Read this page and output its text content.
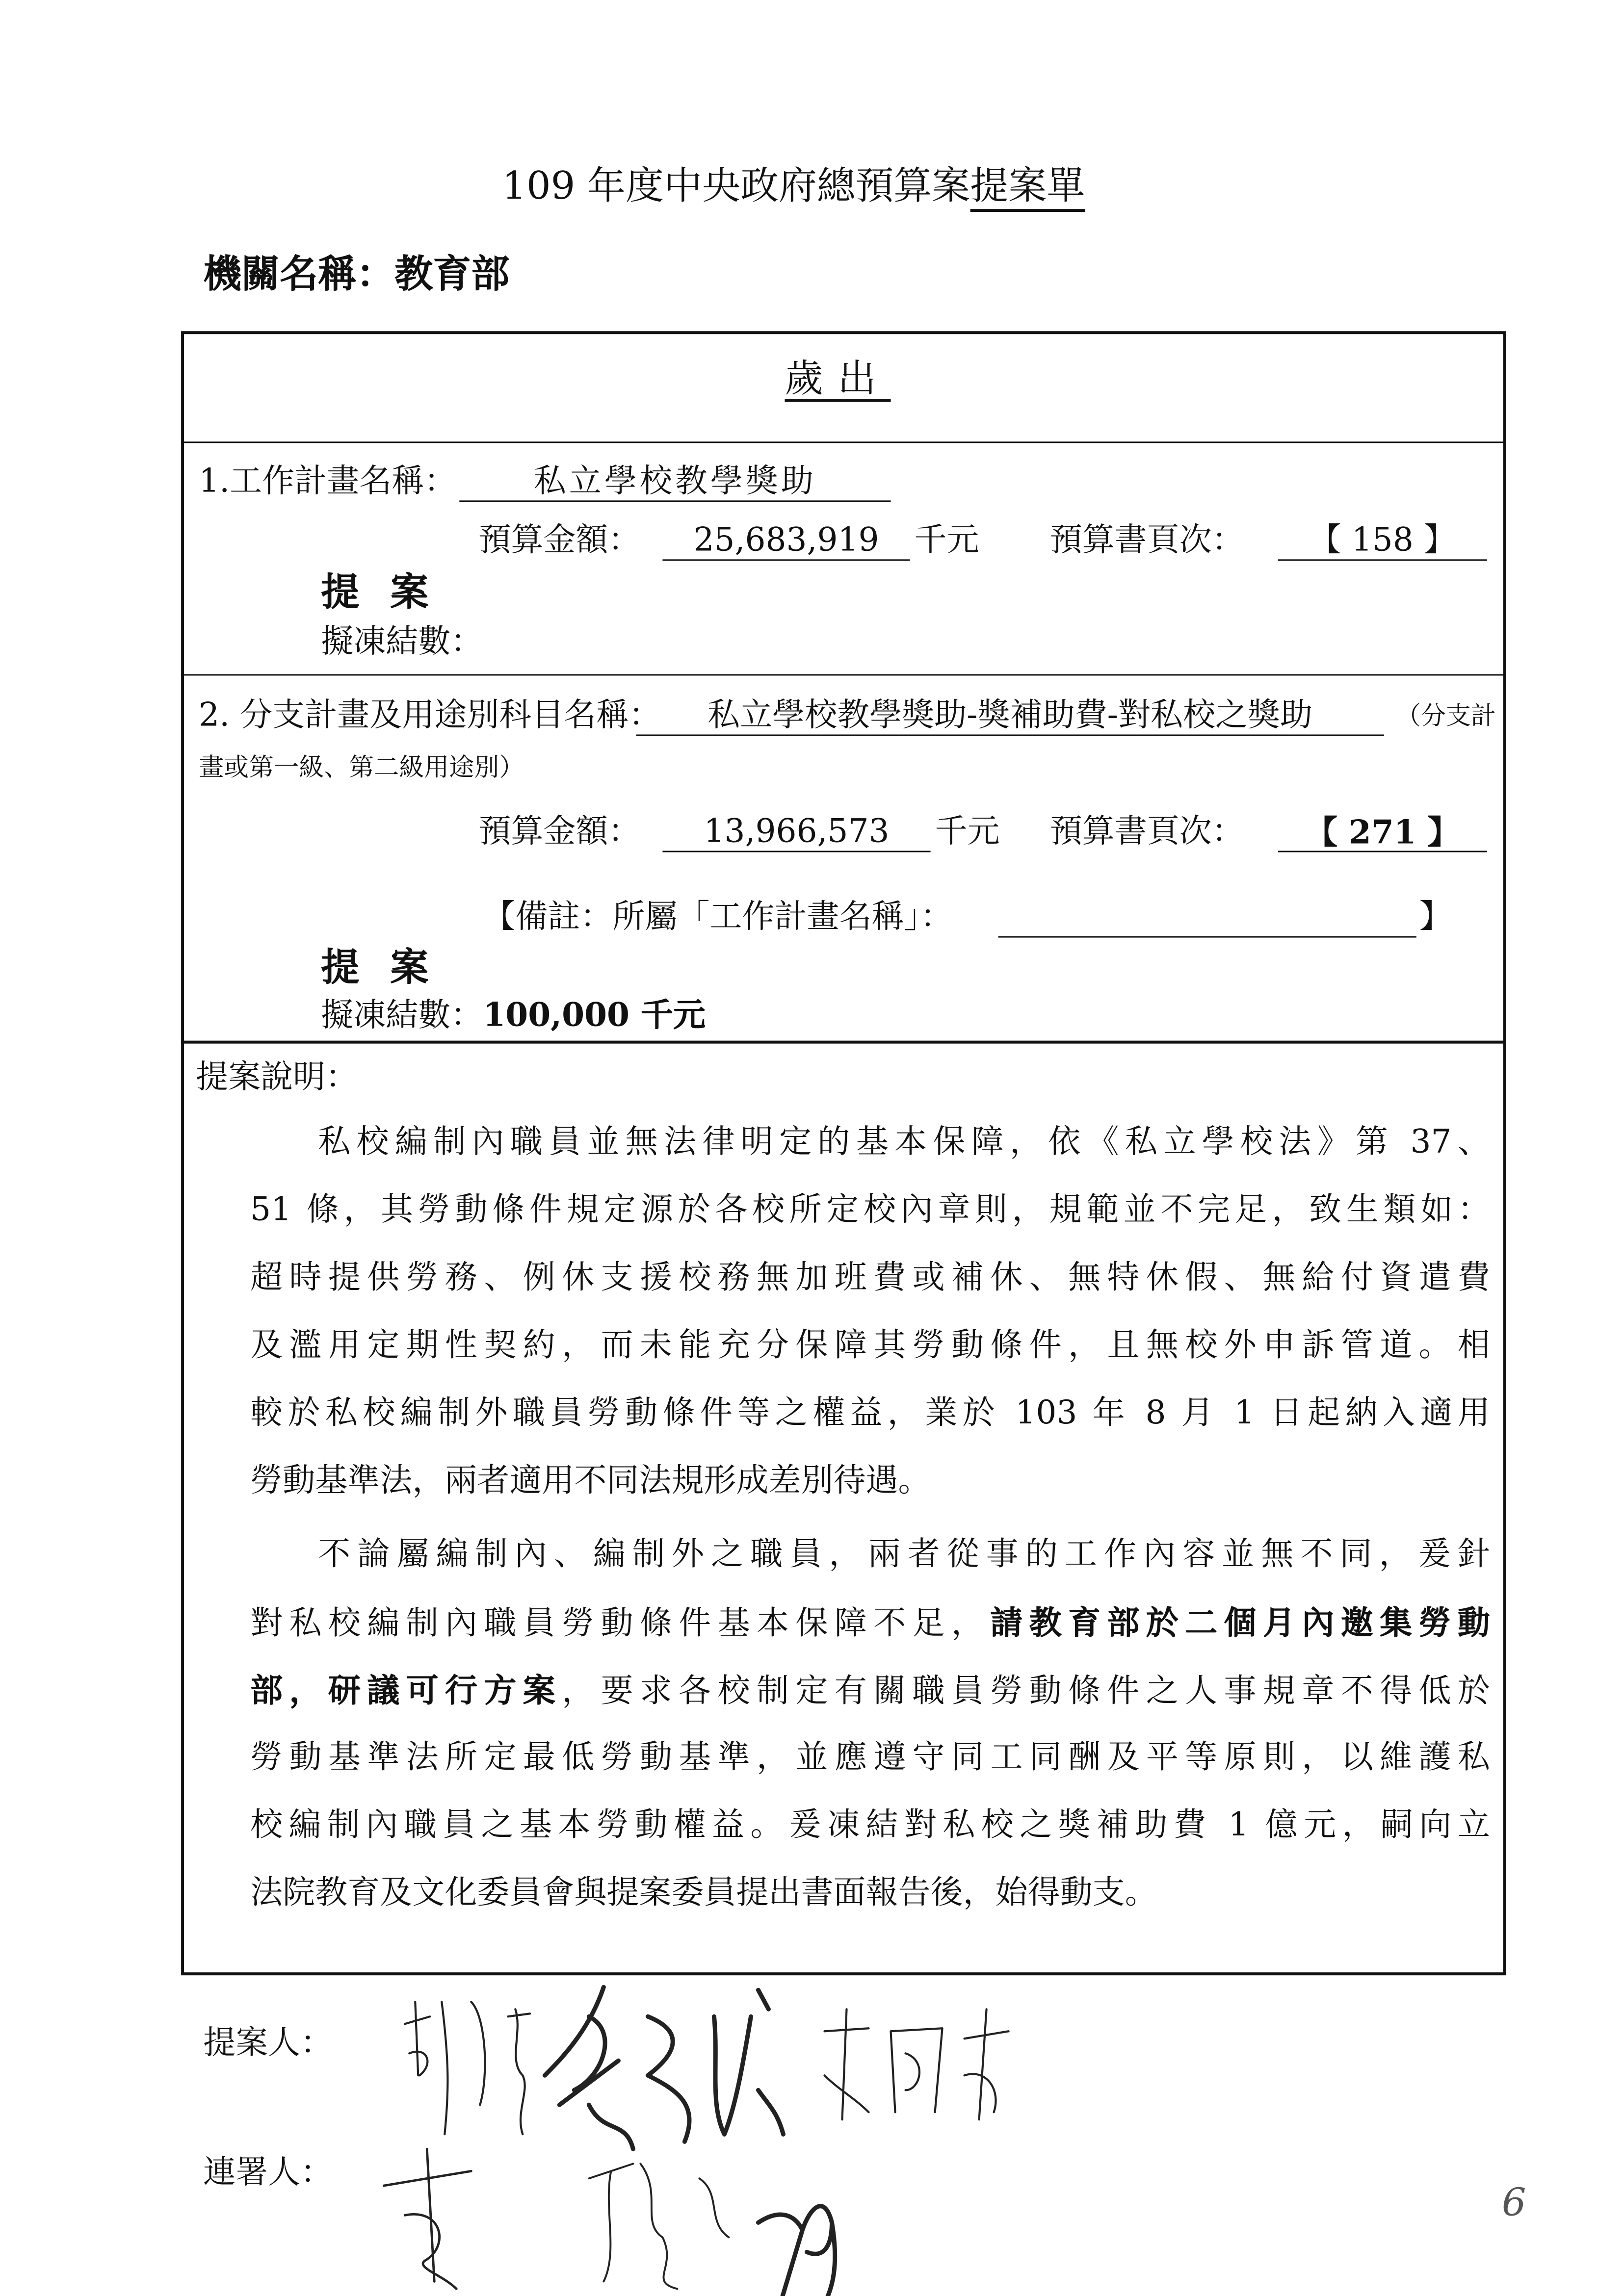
109 年度中央政府總預算案提案單
機關名稱：教育部
歲出
1.工作計畫名稱：	私立學校教學獎助
預算金額：	25,683,919	千元	預算書頁次：	【 158 】
提 案
擬凍結數：
2. 分支計畫及用途別科目名稱：	私立學校教學獎助-獎補助費-對私校之獎助	（分支計
畫或第一級、第二級用途別）
預算金額：	13,966,573	千元	預算書頁次：	【 271 】
【備註：所屬「工作計畫名稱」：	】
提 案
擬凍結數：100,000 千元
提案說明：
私校編制內職員並無法律明定的基本保障，依《私立學校法》第 37、
51 條，其勞動條件規定源於各校所定校內章則，規範並不完足，致生類如：
超時提供勞務、例休支援校務無加班費或補休、無特休假、無給付資遣費
及濫用定期性契約，而未能充分保障其勞動條件，且無校外申訴管道。相
較於私校編制外職員勞動條件等之權益，業於 103 年 8 月 1 日起納入適用
勞動基準法，兩者適用不同法規形成差別待遇。
不論屬編制內、編制外之職員，兩者從事的工作內容並無不同，爰針
對私校編制內職員勞動條件基本保障不足，請教育部於二個月內邀集勞動
部，研議可行方案，要求各校制定有關職員勞動條件之人事規章不得低於
勞動基準法所定最低勞動基準，並應遵守同工同酬及平等原則，以維護私
校編制內職員之基本勞動權益。爰凍結對私校之獎補助費 1 億元，嗣向立
法院教育及文化委員會與提案委員提出書面報告後，始得動支。
提案人：
連署人：
6
